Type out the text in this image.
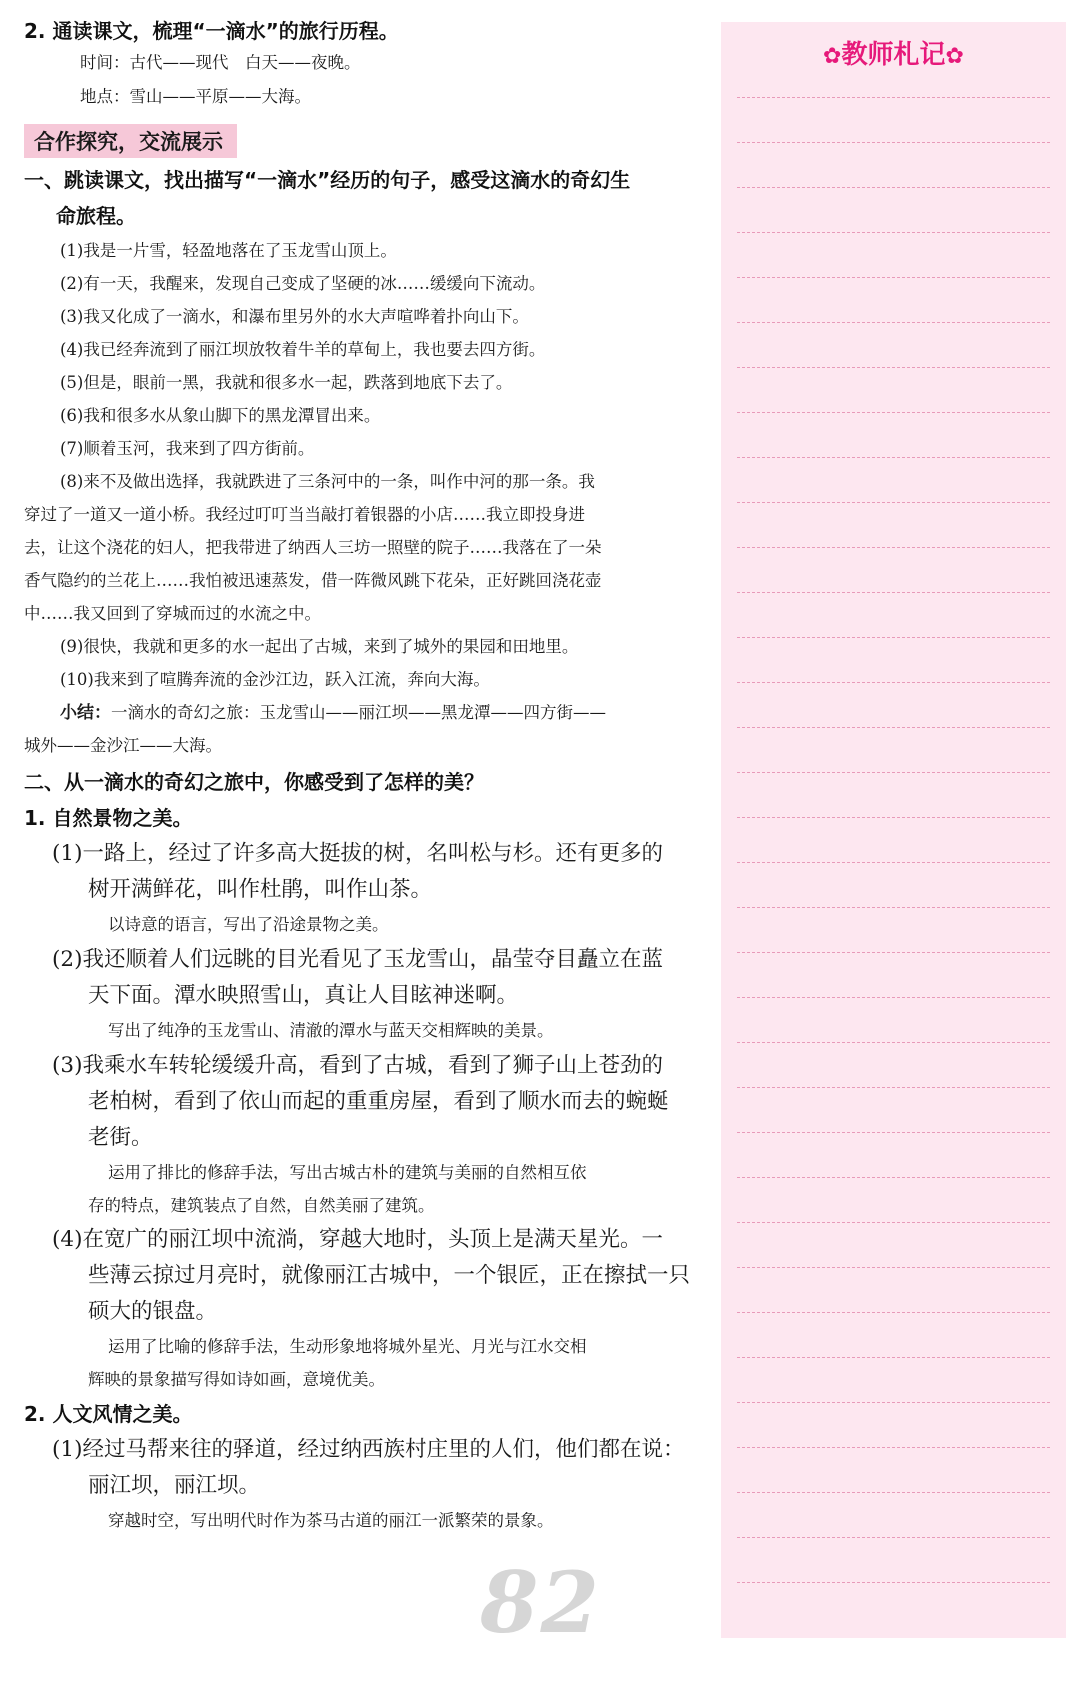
82
2. 通读课文，梳理“一滴水”的旅行历程。
时间：古代——现代　白天——夜晚。
地点：雪山——平原——大海。
合作探究，交流展示
一、跳读课文，找出描写“一滴水”经历的句子，感受这滴水的奇幻生
命旅程。
(1)我是一片雪，轻盈地落在了玉龙雪山顶上。
(2)有一天，我醒来，发现自己变成了坚硬的冰……缓缓向下流动。
(3)我又化成了一滴水，和瀑布里另外的水大声喧哗着扑向山下。
(4)我已经奔流到了丽江坝放牧着牛羊的草甸上，我也要去四方街。
(5)但是，眼前一黑，我就和很多水一起，跌落到地底下去了。
(6)我和很多水从象山脚下的黑龙潭冒出来。
(7)顺着玉河，我来到了四方街前。
(8)来不及做出选择，我就跌进了三条河中的一条，叫作中河的那一条。我
穿过了一道又一道小桥。我经过叮叮当当敲打着银器的小店……我立即投身进
去，让这个浇花的妇人，把我带进了纳西人三坊一照壁的院子……我落在了一朵
香气隐约的兰花上……我怕被迅速蒸发，借一阵微风跳下花朵，正好跳回浇花壶
中……我又回到了穿城而过的水流之中。
(9)很快，我就和更多的水一起出了古城，来到了城外的果园和田地里。
(10)我来到了喧腾奔流的金沙江边，跃入江流，奔向大海。
小结：一滴水的奇幻之旅：玉龙雪山——丽江坝——黑龙潭——四方街——
城外——金沙江——大海。
二、从一滴水的奇幻之旅中，你感受到了怎样的美？
1. 自然景物之美。
(1)一路上，经过了许多高大挺拔的树，名叫松与杉。还有更多的
树开满鲜花，叫作杜鹃，叫作山茶。
以诗意的语言，写出了沿途景物之美。
(2)我还顺着人们远眺的目光看见了玉龙雪山，晶莹夺目矗立在蓝
天下面。潭水映照雪山，真让人目眩神迷啊。
写出了纯净的玉龙雪山、清澈的潭水与蓝天交相辉映的美景。
(3)我乘水车转轮缓缓升高，看到了古城，看到了狮子山上苍劲的
老柏树，看到了依山而起的重重房屋，看到了顺水而去的蜿蜒
老街。
运用了排比的修辞手法，写出古城古朴的建筑与美丽的自然相互依
存的特点，建筑装点了自然，自然美丽了建筑。
(4)在宽广的丽江坝中流淌，穿越大地时，头顶上是满天星光。一
些薄云掠过月亮时，就像丽江古城中，一个银匠，正在擦拭一只
硕大的银盘。
运用了比喻的修辞手法，生动形象地将城外星光、月光与江水交相
辉映的景象描写得如诗如画，意境优美。
2. 人文风情之美。
(1)经过马帮来往的驿道，经过纳西族村庄里的人们，他们都在说：
丽江坝，丽江坝。
穿越时空，写出明代时作为茶马古道的丽江一派繁荣的景象。
✿教师札记✿
